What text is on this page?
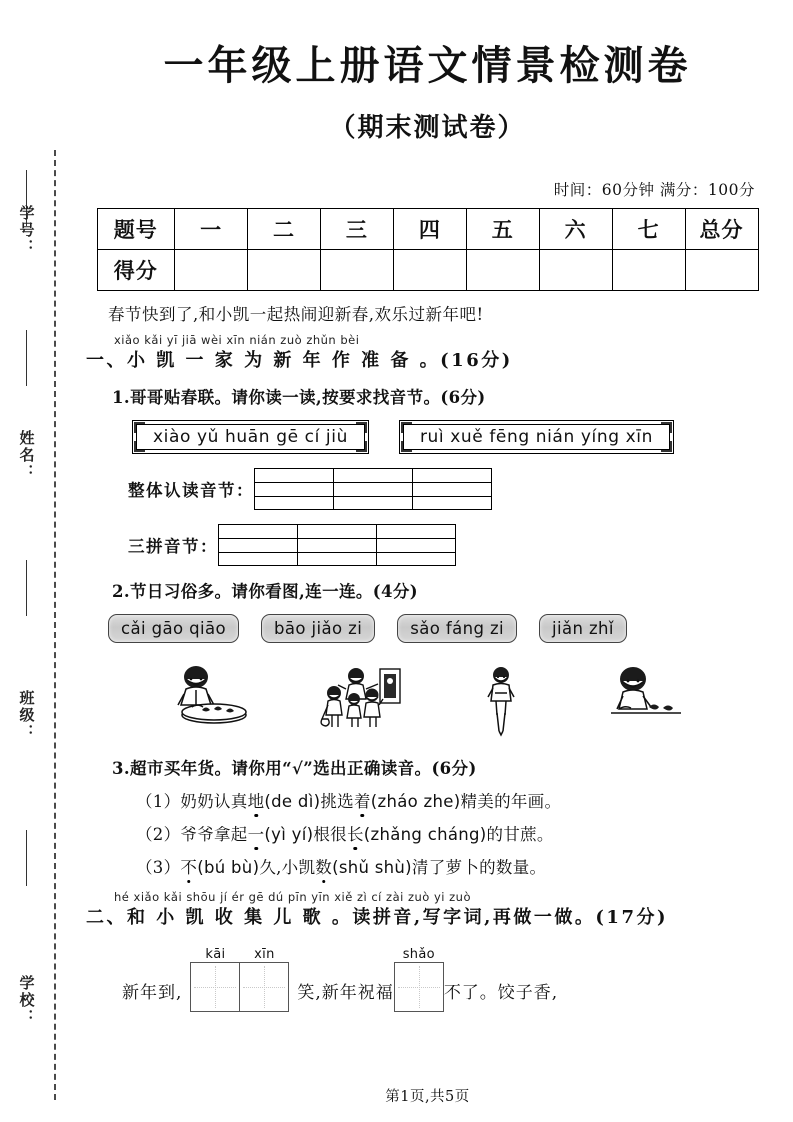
学号：
姓名：
班级：
学校：
一年级上册语文情景检测卷
（期末测试卷）
时间：60分钟 满分：100分
题号	一	二	三	四	五	六	七	总分
得分								
春节快到了,和小凯一起热闹迎新春,欢乐过新年吧!
xiǎo kǎi yī jiā wèi xīn nián zuò zhǔn bèi
一、小 凯 一 家 为 新 年 作 准 备 。(16分)
1.哥哥贴春联。请你读一读,按要求找音节。(6分)
xiào yǔ huān gē cí jiù	ruì xuě fēng nián yíng xīn
整体认读音节：
三拼音节：
2.节日习俗多。请你看图,连一连。(4分)
cǎi gāo qiāo	bāo jiǎo zi	sǎo fáng zi	jiǎn zhǐ
3.超市买年货。请你用“√”选出正确读音。(6分)
（1）奶奶认真地(de dì)挑选着(zháo zhe)精美的年画。
（2）爷爷拿起一(yì yí)根很长(zhǎng cháng)的甘蔗。
（3）不(bú bù)久,小凯数(shǔ shù)清了萝卜的数量。
hé xiǎo kǎi shōu jí ér gē dú pīn yīn xiě zì cí zài zuò yi zuò
二、和 小 凯 收 集 儿 歌 。读拼音,写字词,再做一做。(17分)
新年到,
kāi	xīn
笑,新年祝福
shǎo
不了。饺子香,
第1页,共5页
